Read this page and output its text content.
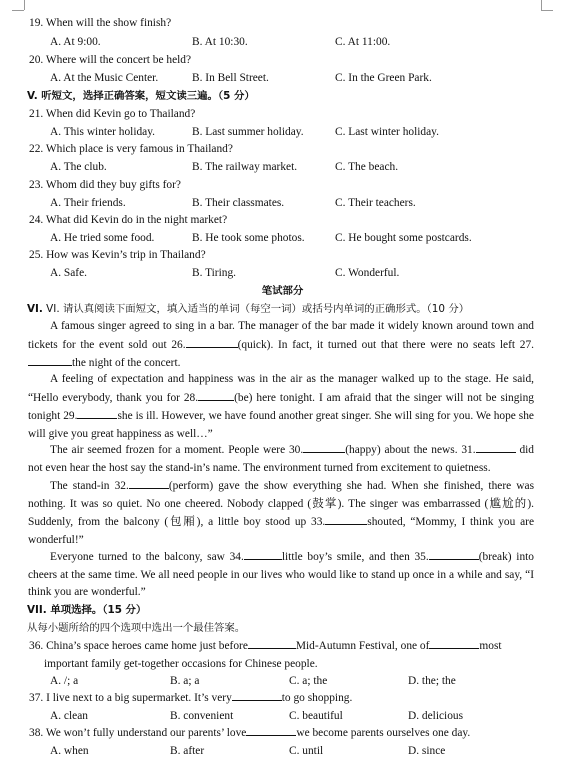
19. When will the show finish?
A. At 9:00.	B. At 10:30.	C. At 11:00.
20. Where will the concert be held?
A. At the Music Center.	B. In Bell Street.	C. In the Green Park.
V. 听短文，选择正确答案，短文读三遍。（5 分）
21. When did Kevin go to Thailand?
A. This winter holiday.	B. Last summer holiday.	C. Last winter holiday.
22. Which place is very famous in Thailand?
A. The club.	B. The railway market.	C. The beach.
23. Whom did they buy gifts for?
A. Their friends.	B. Their classmates.	C. Their teachers.
24. What did Kevin do in the night market?
A. He tried some food.	B. He took some photos.	C. He bought some postcards.
25. How was Kevin’s trip in Thailand?
A. Safe.	B. Tiring.	C. Wonderful.
笔试部分
VI. VI. 请认真阅读下面短文，填入适当的单词（每空一词）或括号内单词的正确形式。（10 分）
A famous singer agreed to sing in a bar. The manager of the bar made it widely known around town and tickets for the event sold out 26.	(quick). In fact, it turned out that there were no seats left 27.the night of the concert.
A feeling of expectation and happiness was in the air as the manager walked up to the stage. He said, “Hello everybody, thank you for 28.	(be) here tonight. I am afraid that the singer will not be singing tonight 29.	she is ill. However, we have found another great singer. She will sing for you. We hope she will give you great happiness as well…”
The air seemed frozen for a moment. People were 30.	(happy) about the news. 31.	did not even hear the host say the stand-in’s name. The environment turned from excitement to quietness.
The stand-in 32.	(perform) gave the show everything she had. When she finished, there was nothing. It was so quiet. No one cheered. Nobody clapped (鼓掌). The singer was embarrassed (尴尬的). Suddenly, from the balcony (包厢), a little boy stood up 33.	shouted, “Mommy, I think you are wonderful!”
Everyone turned to the balcony, saw 34.	little boy’s smile, and then 35.	(break) into cheers at the same time. We all need people in our lives who would like to stand up once in a while and say, “I think you are wonderful.”
VII. 单项选择。（15 分）
从每小题所给的四个选项中选出一个最佳答案。
36. China’s space heroes came home just before	Mid-Autumn Festival, one of	most
important family get-together occasions for Chinese people.
A. /; a	B. a; a	C. a; the	D. the; the
37. I live next to a big supermarket. It’s very	to go shopping.
A. clean	B. convenient	C. beautiful	D. delicious
38. We won’t fully understand our parents’ love	we become parents ourselves one day.
A. when	B. after	C. until	D. since
